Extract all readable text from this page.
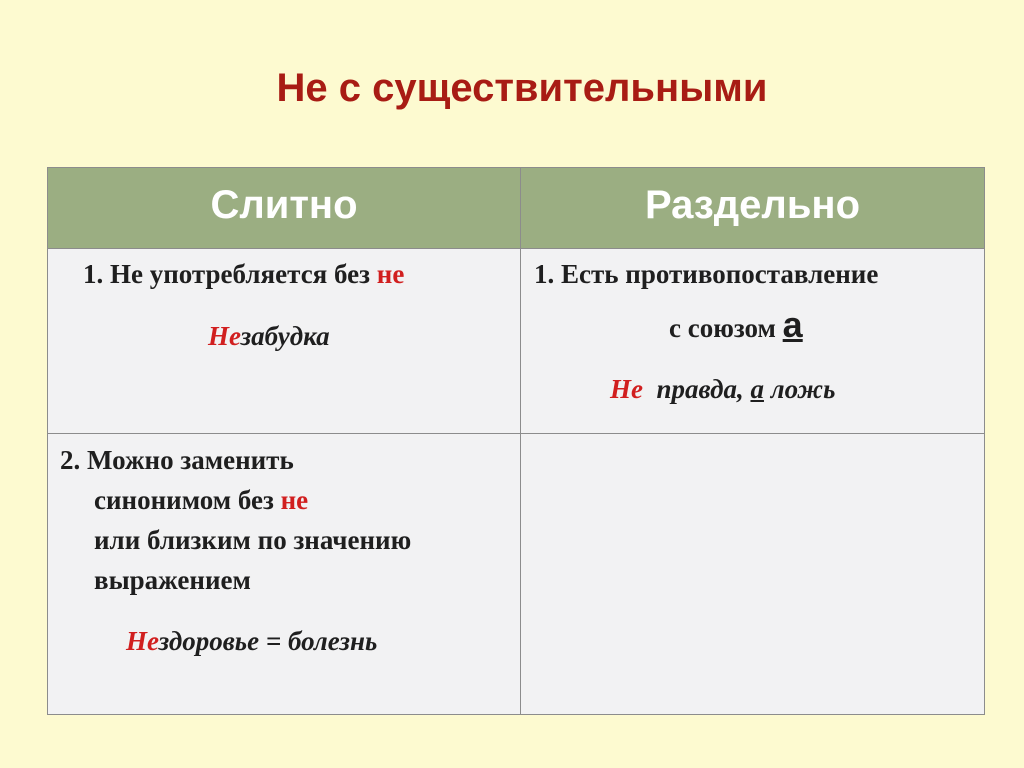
Не с существительными
Слитно	Раздельно
1. Не употребляется без не
Незабудка
1. Есть противопоставление
с союзом а
Не  правда, а ложь
2. Можно заменить
синонимом без не
или близким по значению
выражением
Нездоровье = болезнь
